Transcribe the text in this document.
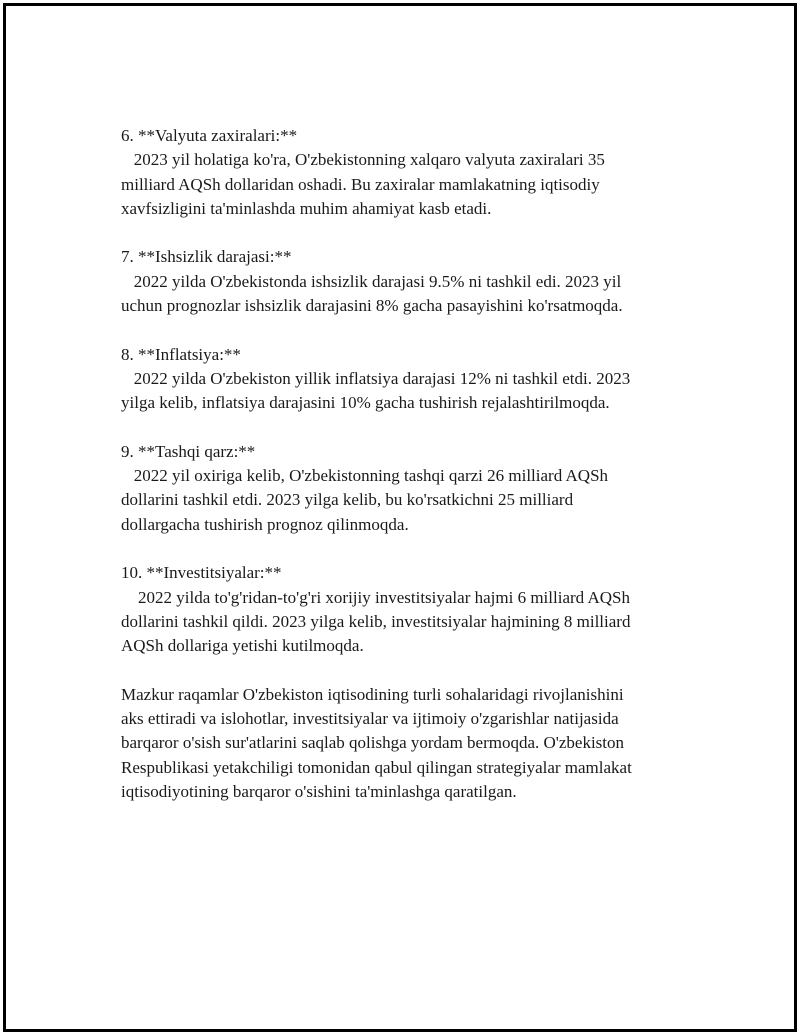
6. **Valyuta zaxiralari:**
2023 yil holatiga ko'ra, O'zbekistonning xalqaro valyuta zaxiralari 35
milliard AQSh dollaridan oshadi. Bu zaxiralar mamlakatning iqtisodiy
xavfsizligini ta'minlashda muhim ahamiyat kasb etadi.
7. **Ishsizlik darajasi:**
2022 yilda O'zbekistonda ishsizlik darajasi 9.5% ni tashkil edi. 2023 yil
uchun prognozlar ishsizlik darajasini 8% gacha pasayishini ko'rsatmoqda.
8. **Inflatsiya:**
2022 yilda O'zbekiston yillik inflatsiya darajasi 12% ni tashkil etdi. 2023
yilga kelib, inflatsiya darajasini 10% gacha tushirish rejalashtirilmoqda.
9. **Tashqi qarz:**
2022 yil oxiriga kelib, O'zbekistonning tashqi qarzi 26 milliard AQSh
dollarini tashkil etdi. 2023 yilga kelib, bu ko'rsatkichni 25 milliard
dollargacha tushirish prognoz qilinmoqda.
10. **Investitsiyalar:**
2022 yilda to'g'ridan-to'g'ri xorijiy investitsiyalar hajmi 6 milliard AQSh
dollarini tashkil qildi. 2023 yilga kelib, investitsiyalar hajmining 8 milliard
AQSh dollariga yetishi kutilmoqda.
Mazkur raqamlar O'zbekiston iqtisodining turli sohalaridagi rivojlanishini
aks ettiradi va islohotlar, investitsiyalar va ijtimoiy o'zgarishlar natijasida
barqaror o'sish sur'atlarini saqlab qolishga yordam bermoqda. O'zbekiston
Respublikasi yetakchiligi tomonidan qabul qilingan strategiyalar mamlakat
iqtisodiyotining barqaror o'sishini ta'minlashga qaratilgan.
